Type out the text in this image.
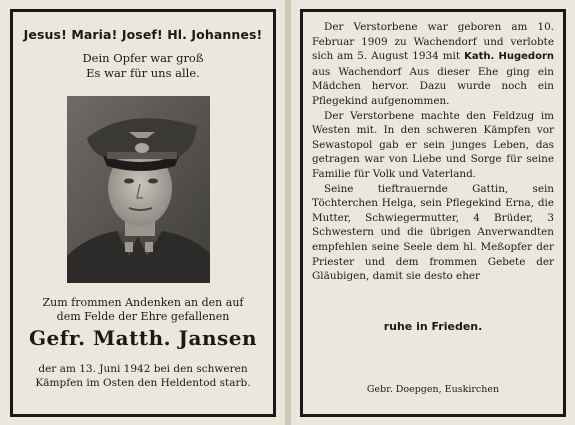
Jesus! Maria! Josef! Hl. Johannes!
Dein Opfer war groß
Es war für uns alle.
Zum frommen Andenken an den auf
dem Felde der Ehre gefallenen
Gefr. Matth. Jansen
der am 13. Juni 1942 bei den schweren
Kämpfen im Osten den Heldentod starb.

Der Verstorbene war geboren am 10. Februar 1909 zu Wachendorf und verlobte sich am 5. August 1934 mit Kath. Hugedorn aus Wachendorf Aus dieser Ehe ging ein Mädchen hervor. Dazu wurde noch ein Pflegekind aufgenommen.

Der Verstorbene machte den Feldzug im Westen mit. In den schweren Kämpfen vor Sewastopol gab er sein junges Leben, das getragen war von Liebe und Sorge für seine Familie für Volk und Vaterland.

Seine tieftrauernde Gattin, sein Töchterchen Helga, sein Pflegekind Erna, die Mutter, Schwiegermutter, 4 Brüder, 3 Schwestern und die übrigen Anverwandten empfehlen seine Seele dem hl. Meßopfer der Priester und dem frommen Gebete der Gläubigen, damit sie desto eher

ruhe in Frieden.
Gebr. Doepgen, Euskirchen
